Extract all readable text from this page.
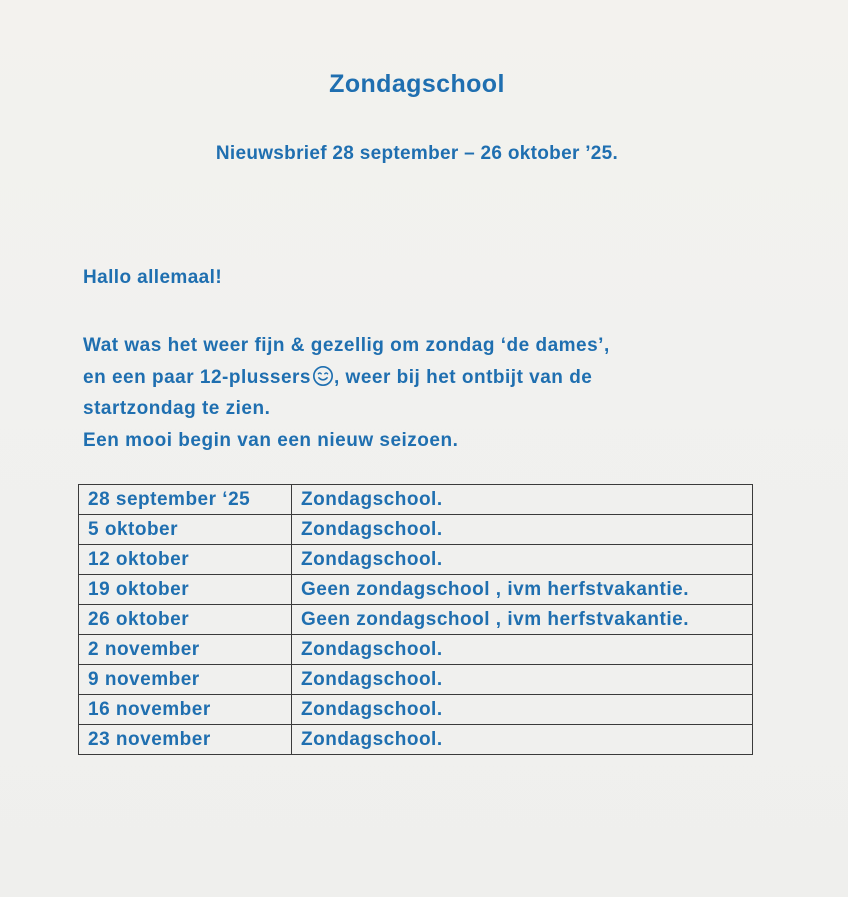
Zondagschool
Nieuwsbrief 28 september – 26 oktober ’25.
Hallo allemaal!

Wat was het weer fijn & gezellig om zondag ‘de dames’,

en een paar 12-plussers , weer bij het ontbijt van de

startzondag te zien.

Een mooi begin van een nieuw seizoen.

28 september ‘25	Zondagschool.
5 oktober	Zondagschool.
12 oktober	Zondagschool.
19 oktober	Geen zondagschool , ivm herfstvakantie.
26 oktober	Geen zondagschool , ivm herfstvakantie.
2 november	Zondagschool.
9 november	Zondagschool.
16 november	Zondagschool.
23 november	Zondagschool.
